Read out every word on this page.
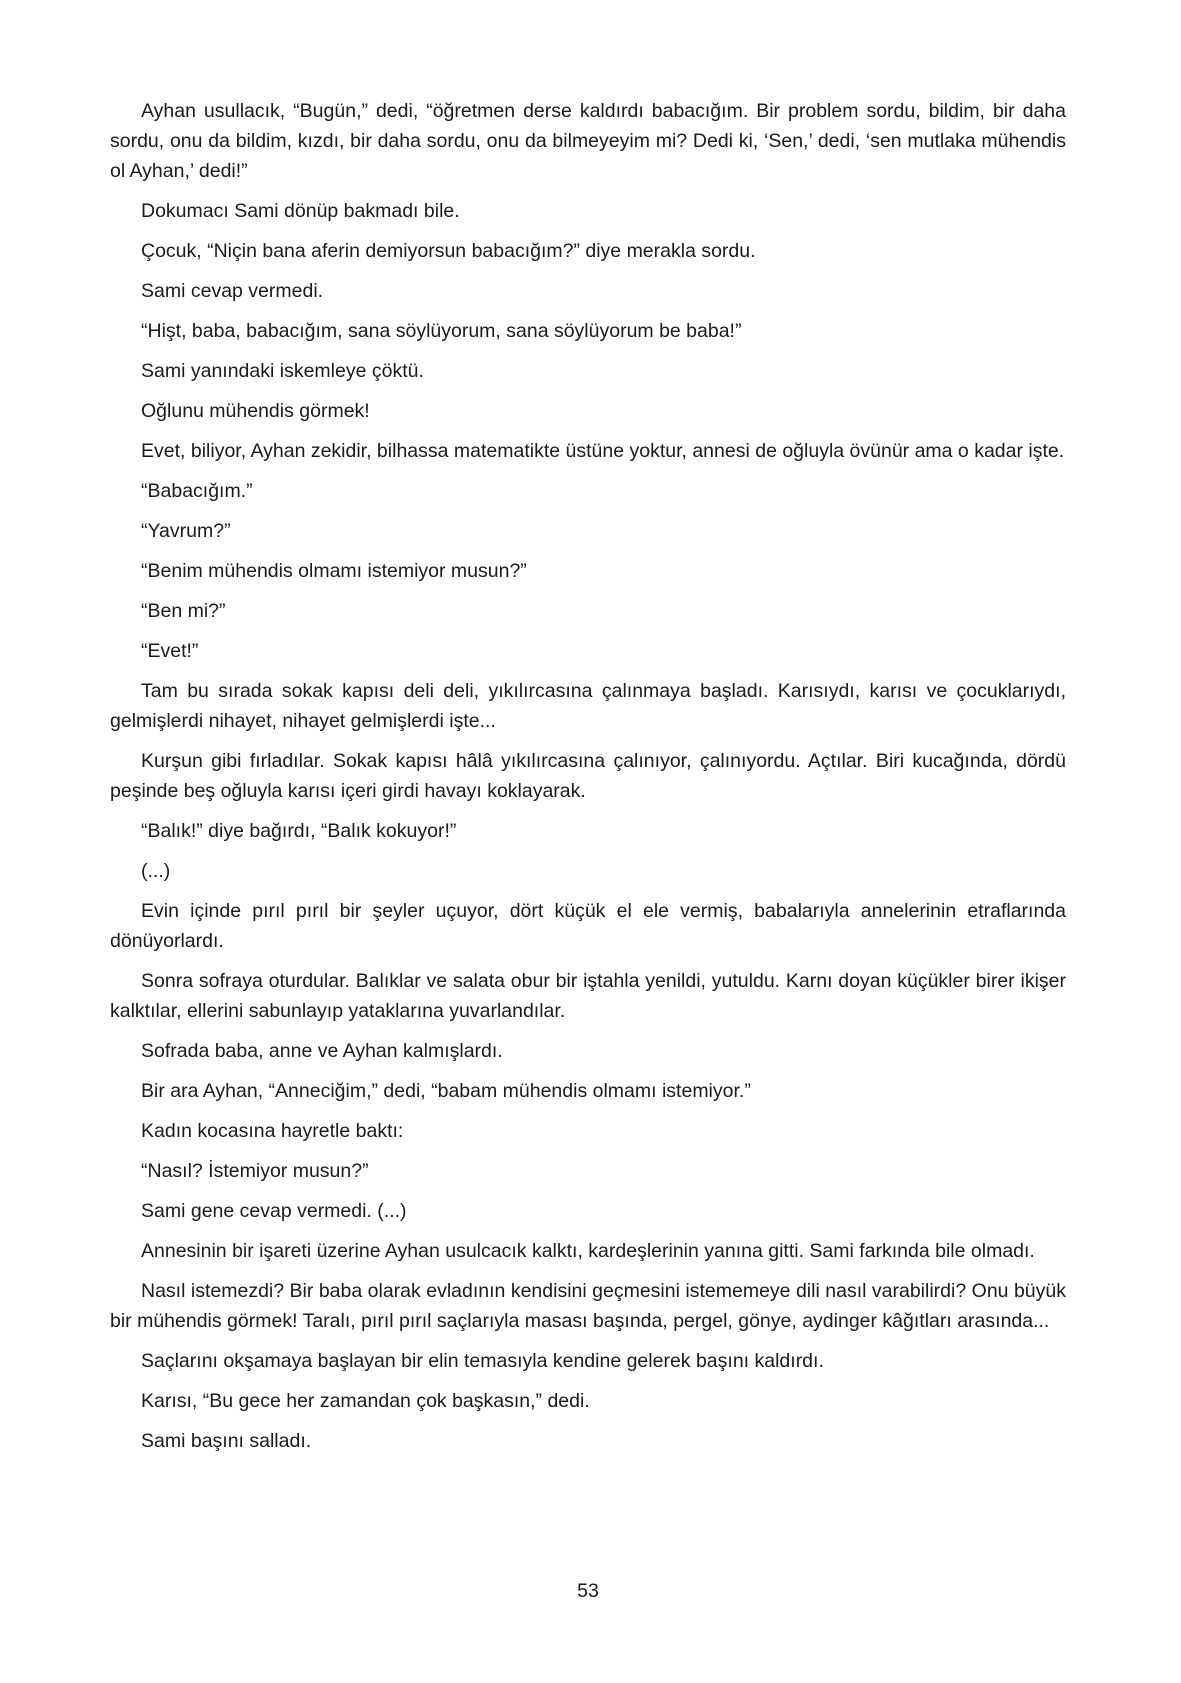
Ayhan usullacık, “Bugün,” dedi, “öğretmen derse kaldırdı babacığım. Bir problem sordu, bildim, bir daha sordu, onu da bildim, kızdı, bir daha sordu, onu da bilmeyeyim mi? Dedi ki, ‘Sen,’ dedi, ‘sen mutlaka mühendis ol Ayhan,’ dedi!”

Dokumacı Sami dönüp bakmadı bile.

Çocuk, “Niçin bana aferin demiyorsun babacığım?” diye merakla sordu.

Sami cevap vermedi.

“Hişt, baba, babacığım, sana söylüyorum, sana söylüyorum be baba!”

Sami yanındaki iskemleye çöktü.

Oğlunu mühendis görmek!

Evet, biliyor, Ayhan zekidir, bilhassa matematikte üstüne yoktur, annesi de oğluyla övünür ama o kadar işte.

“Babacığım.”

“Yavrum?”

“Benim mühendis olmamı istemiyor musun?”

“Ben mi?”

“Evet!”

Tam bu sırada sokak kapısı deli deli, yıkılırcasına çalınmaya başladı. Karısıydı, karısı ve çocuklarıydı, gelmişlerdi nihayet, nihayet gelmişlerdi işte...

Kurşun gibi fırladılar. Sokak kapısı hâlâ yıkılırcasına çalınıyor, çalınıyordu. Açtılar. Biri kucağında, dördü peşinde beş oğluyla karısı içeri girdi havayı koklayarak.

“Balık!” diye bağırdı, “Balık kokuyor!”

(...)

Evin içinde pırıl pırıl bir şeyler uçuyor, dört küçük el ele vermiş, babalarıyla annelerinin etraflarında dönüyorlardı.

Sonra sofraya oturdular. Balıklar ve salata obur bir iştahla yenildi, yutuldu. Karnı doyan küçükler birer ikişer kalktılar, ellerini sabunlayıp yataklarına yuvarlandılar.

Sofrada baba, anne ve Ayhan kalmışlardı.

Bir ara Ayhan, “Anneciğim,” dedi, “babam mühendis olmamı istemiyor.”

Kadın kocasına hayretle baktı:

“Nasıl? İstemiyor musun?”

Sami gene cevap vermedi. (...)

Annesinin bir işareti üzerine Ayhan usulcacık kalktı, kardeşlerinin yanına gitti. Sami farkında bile olmadı.

Nasıl istemezdi? Bir baba olarak evladının kendisini geçmesini istememeye dili nasıl varabilirdi? Onu büyük bir mühendis görmek! Taralı, pırıl pırıl saçlarıyla masası başında, pergel, gönye, aydinger kâğıtları arasında...

Saçlarını okşamaya başlayan bir elin temasıyla kendine gelerek başını kaldırdı.

Karısı, “Bu gece her zamandan çok başkasın,” dedi.

Sami başını salladı.

53
